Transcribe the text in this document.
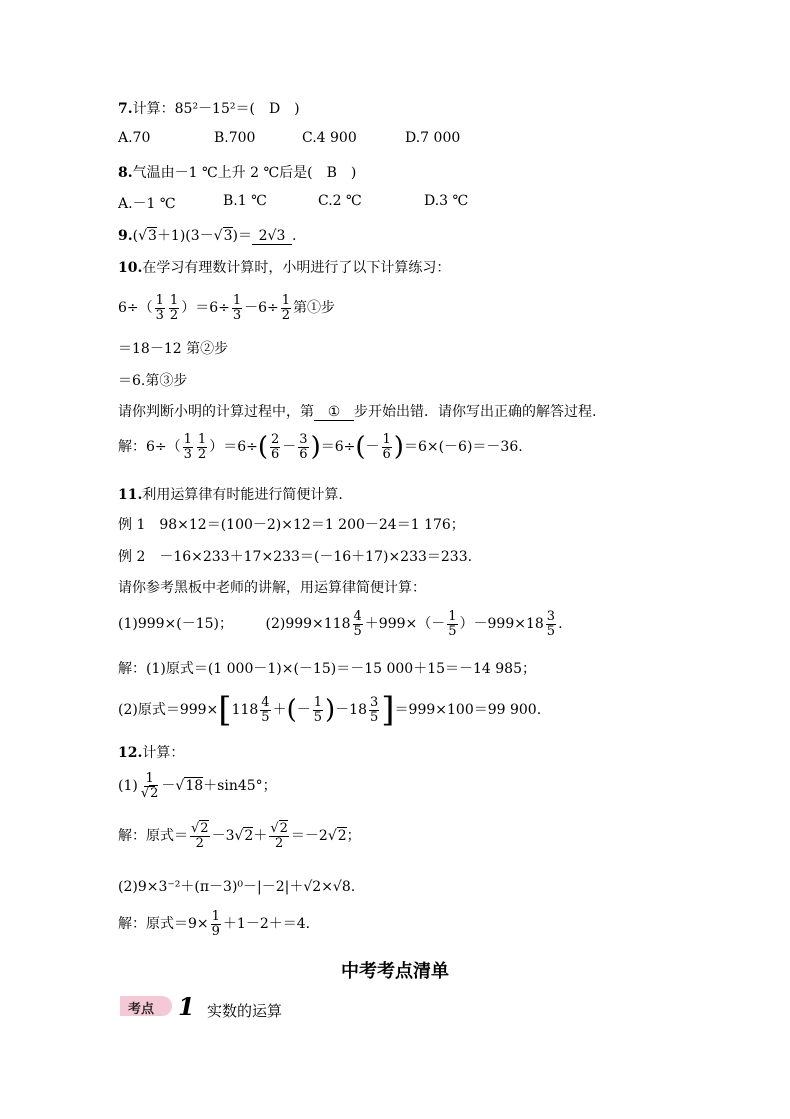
7.计算：85²－15²＝(　D　)
A.70	B.700	C.4 900	D.7 000
8.气温由－1 ℃上升 2 ℃后是(　B　)
A.－1 ℃	B.1 ℃	C.2 ℃	D.3 ℃
9.(√3＋1)(3－√3)＝ 2√3 .
10.在学习有理数计算时，小明进行了以下计算练习：
$6\div( \frac{1}{3} \frac{1}{2} )=6\div \frac{1}{3} -6\div \frac{1}{2}$ 第①步
＝18－12 第②步
＝6.第③步
请你判断小明的计算过程中，第 ① 步开始出错．请你写出正确的解答过程.
解：$6\div( \frac{1}{3} \frac{1}{2} )=6\div( \frac{2}{6} - \frac{3}{6} )=6\div(- \frac{1}{6} )=6\times(-6)=-36$.
11.利用运算律有时能进行简便计算.
例 1　98×12＝(100－2)×12＝1 200－24＝1 176；
例 2　－16×233＋17×233＝(－16＋17)×233＝233.
请你参考黑板中老师的讲解，用运算律简便计算：
(1)999×(－15)； $(2)999\times 118 \frac{4}{5} +999\times(- \frac{1}{5} )-999\times 18 \frac{3}{5}$ .
解：(1)原式＝(1 000－1)×(－15)＝－15 000＋15＝－14 985；
(2)原式$=999\times[118 \frac{4}{5}$ ＋(－ $\frac{1}{5} )-18 \frac{3}{5} ]=999\times 100=99$ 900.
12.计算：
$(1) \frac{1}{√2} -√18+\sin 45^\circ$；
解：原式＝ $\frac{√2}{2} -3√2+ \frac{√2}{2} =-2√2$；
(2)9×3⁻²＋(π－3)⁰－|－2|＋√2×√8.
解：原式$=9\times \frac{1}{9} +1-2+=4$.
中考考点清单
考点 1 实数的运算
